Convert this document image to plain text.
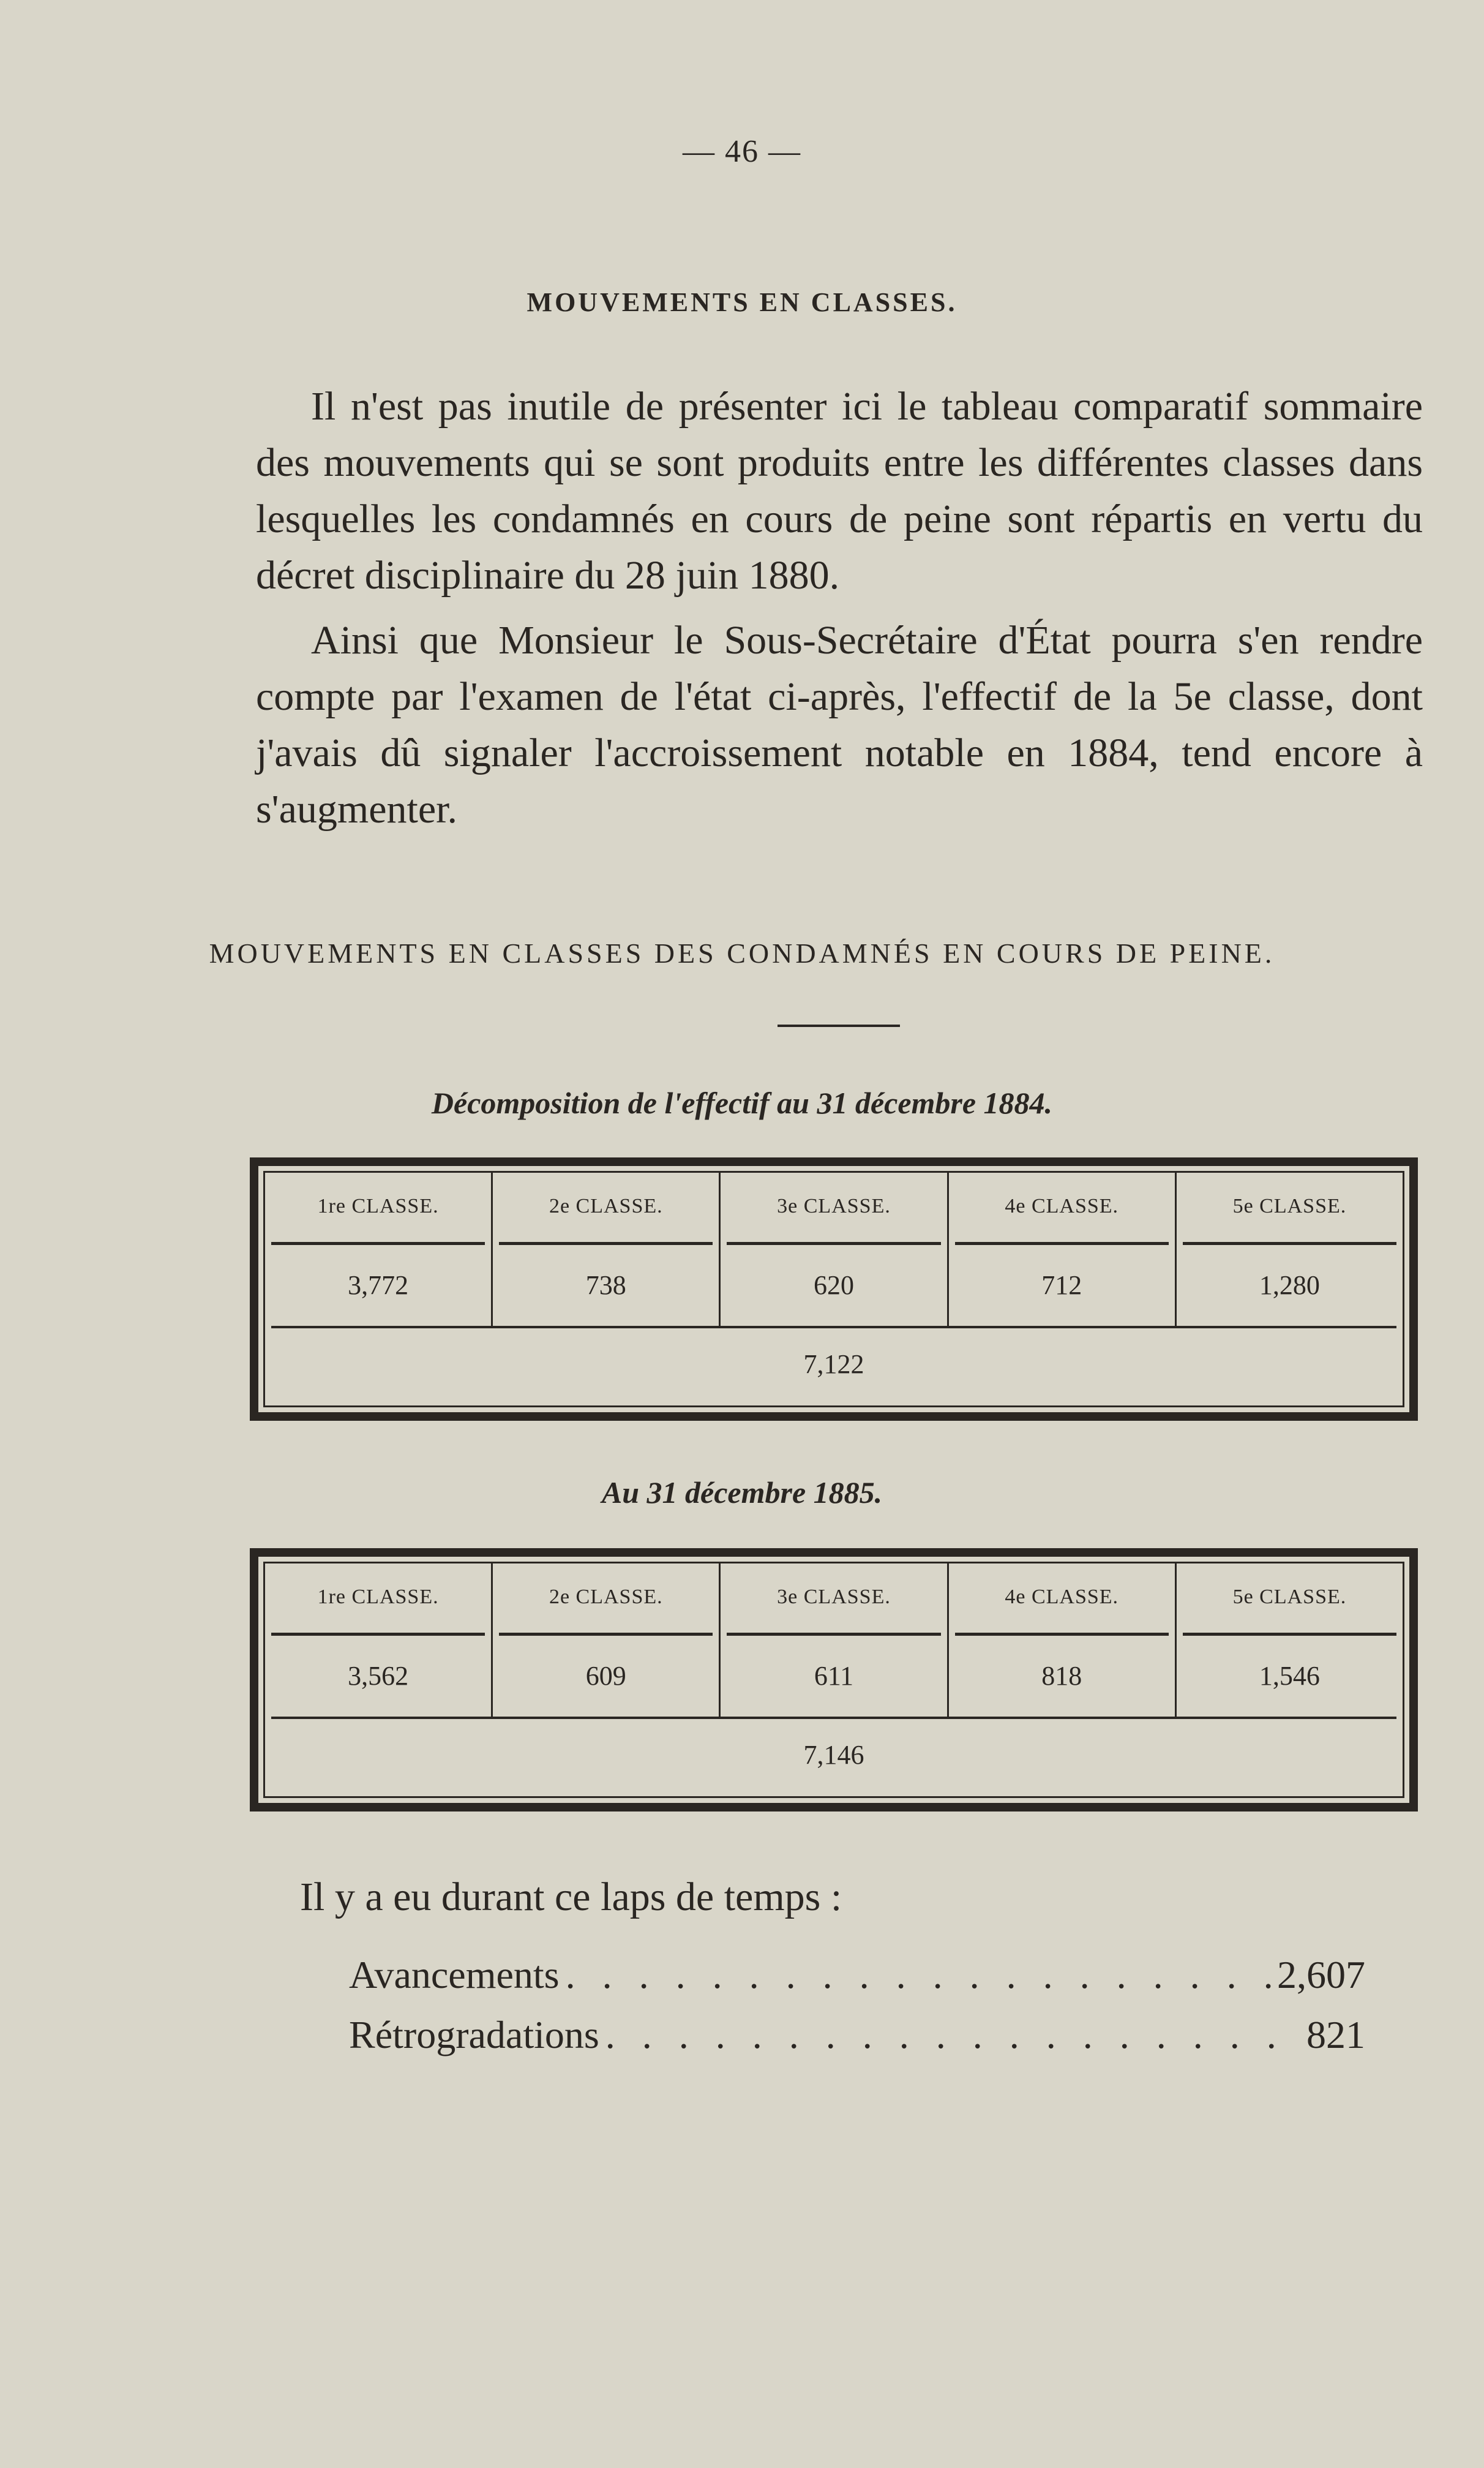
— 46 —
MOUVEMENTS EN CLASSES.
Il n'est pas inutile de présenter ici le tableau comparatif sommaire des mouvements qui se sont produits entre les différentes classes dans lesquelles les condamnés en cours de peine sont répartis en vertu du décret disciplinaire du 28 juin 1880.
Ainsi que Monsieur le Sous-Secrétaire d'État pourra s'en rendre compte par l'examen de l'état ci-après, l'effectif de la 5e classe, dont j'avais dû signaler l'accroissement notable en 1884, tend encore à s'augmenter.
MOUVEMENTS EN CLASSES DES CONDAMNÉS EN COURS DE PEINE.
Décomposition de l'effectif au 31 décembre 1884.
1re CLASSE.	2e CLASSE.	3e CLASSE.	4e CLASSE.	5e CLASSE.
3,772	738	620	712	1,280
7,122
Au 31 décembre 1885.
1re CLASSE.	2e CLASSE.	3e CLASSE.	4e CLASSE.	5e CLASSE.
3,562	609	611	818	1,546
7,146
Il y a eu durant ce laps de temps :
Avancements . . .	2,607
Rétrogradations . . .	821
